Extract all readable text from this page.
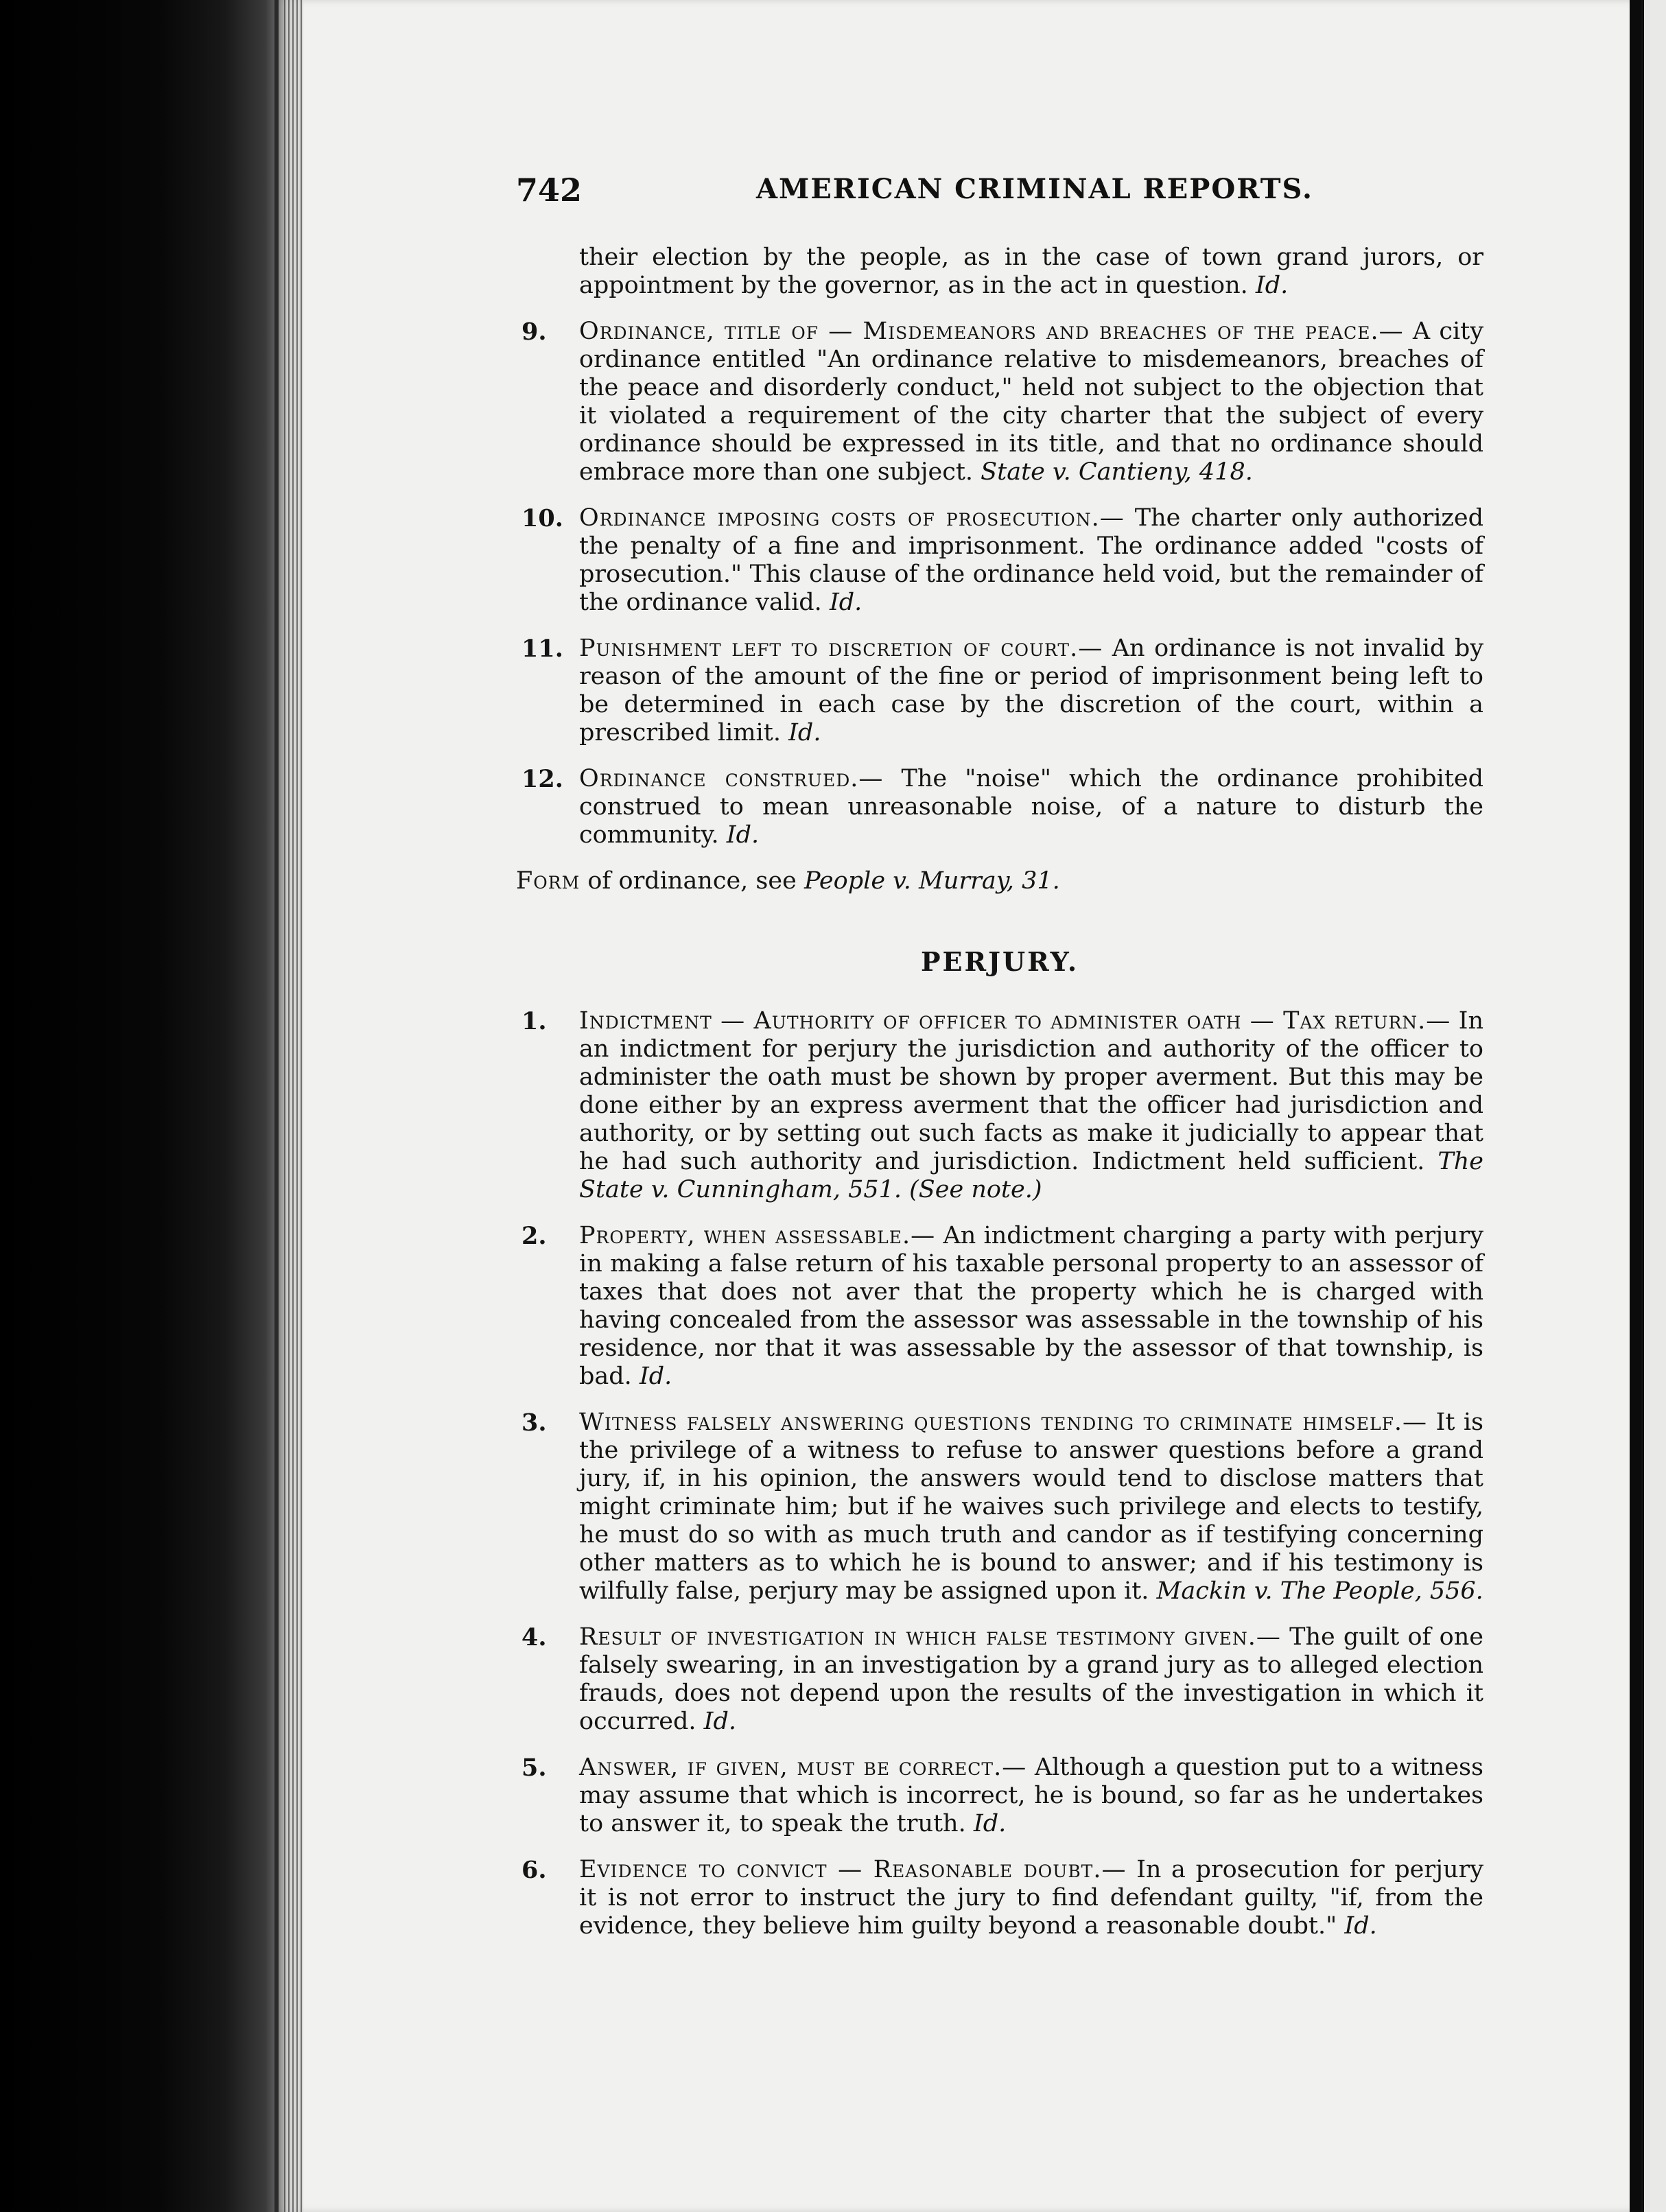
742	AMERICAN CRIMINAL REPORTS.

their election by the people, as in the case of town grand jurors, or appointment by the governor, as in the act in question. Id.

9. Ordinance, title of — Misdemeanors and breaches of the peace.— A city ordinance entitled "An ordinance relative to misdemeanors, breaches of the peace and disorderly conduct," held not subject to the objection that it violated a requirement of the city charter that the subject of every ordinance should be expressed in its title, and that no ordinance should embrace more than one subject. State v. Cantieny, 418.

10. Ordinance imposing costs of prosecution.— The charter only authorized the penalty of a fine and imprisonment. The ordinance added "costs of prosecution." This clause of the ordinance held void, but the remainder of the ordinance valid. Id.

11. Punishment left to discretion of court.— An ordinance is not invalid by reason of the amount of the fine or period of imprisonment being left to be determined in each case by the discretion of the court, within a prescribed limit. Id.

12. Ordinance construed.— The "noise" which the ordinance prohibited construed to mean unreasonable noise, of a nature to disturb the community. Id.

Form of ordinance, see People v. Murray, 31.

PERJURY.

1. Indictment — Authority of officer to administer oath — Tax return.— In an indictment for perjury the jurisdiction and authority of the officer to administer the oath must be shown by proper averment. But this may be done either by an express averment that the officer had jurisdiction and authority, or by setting out such facts as make it judicially to appear that he had such authority and jurisdiction. Indictment held sufficient. The State v. Cunningham, 551. (See note.)

2. Property, when assessable.— An indictment charging a party with perjury in making a false return of his taxable personal property to an assessor of taxes that does not aver that the property which he is charged with having concealed from the assessor was assessable in the township of his residence, nor that it was assessable by the assessor of that township, is bad. Id.

3. Witness falsely answering questions tending to criminate himself.— It is the privilege of a witness to refuse to answer questions before a grand jury, if, in his opinion, the answers would tend to disclose matters that might criminate him; but if he waives such privilege and elects to testify, he must do so with as much truth and candor as if testifying concerning other matters as to which he is bound to answer; and if his testimony is wilfully false, perjury may be assigned upon it. Mackin v. The People, 556.

4. Result of investigation in which false testimony given.— The guilt of one falsely swearing, in an investigation by a grand jury as to alleged election frauds, does not depend upon the results of the investigation in which it occurred. Id.

5. Answer, if given, must be correct.— Although a question put to a witness may assume that which is incorrect, he is bound, so far as he undertakes to answer it, to speak the truth. Id.

6. Evidence to convict — Reasonable doubt.— In a prosecution for perjury it is not error to instruct the jury to find defendant guilty, "if, from the evidence, they believe him guilty beyond a reasonable doubt." Id.
